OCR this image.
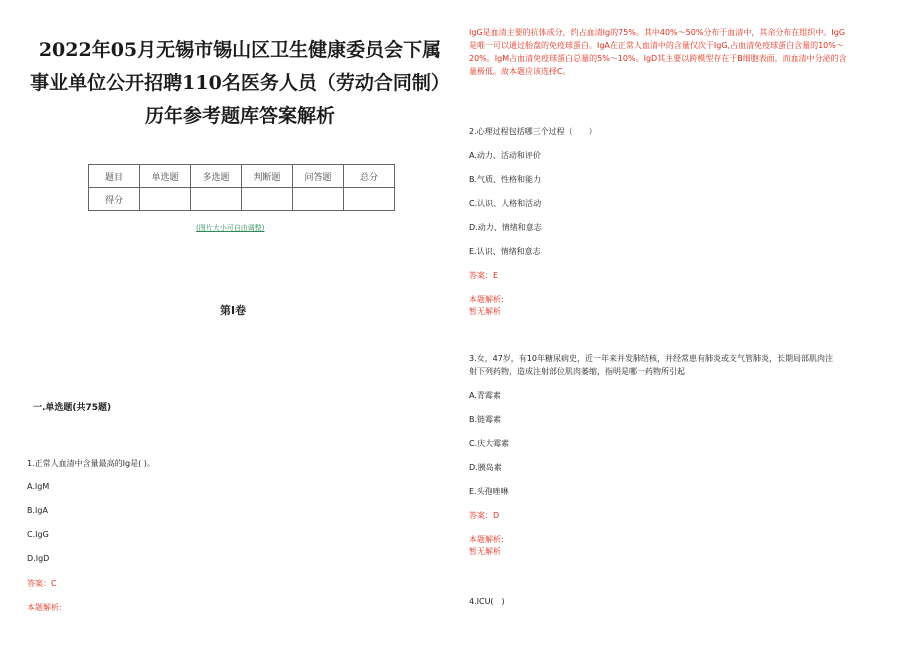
2022年05月无锡市锡山区卫生健康委员会下属
事业单位公开招聘110名医务人员（劳动合同制）
历年参考题库答案解析
题目	单选题	多选题	判断题	问答题	总分
得分					
(图片大小可自由调整)
第Ⅰ卷
一.单选题(共75题)
1.正常人血清中含量最高的Ig是( )。
A.IgM
B.IgA
C.IgG
D.IgD
答案：C
本题解析:
IgG是血清主要的抗体成分，约占血清Ig的75%。其中40%～50%分布于血清中，其余分布在组织中。IgG
是唯一可以通过胎盘的免疫球蛋白。IgA在正常人血清中的含量仅次于IgG,占血清免疫球蛋白含量的10%～
20%。IgM占血清免疫球蛋白总量的5%～10%。IgD其主要以跨模型存在于B细胞表面，而血清中分泌的含
量极低。故本题应该选择C。
2.心理过程包括哪三个过程（　　）
A.动力、活动和评价
B.气质、性格和能力
C.认识、人格和活动
D.动力、情绪和意志
E.认识、情绪和意志
答案：E
本题解析:
暂无解析
3.女，47岁，有10年糖尿病史，近一年来并发肺结核，并经常患有肺炎或支气管肺炎，长期局部肌肉注
射下列药物，造成注射部位肌肉萎缩，指明是哪一药物所引起
A.青霉素
B.链霉素
C.庆大霉素
D.胰岛素
E.头孢唑啉
答案：D
本题解析:
暂无解析
4.ICU(　)
